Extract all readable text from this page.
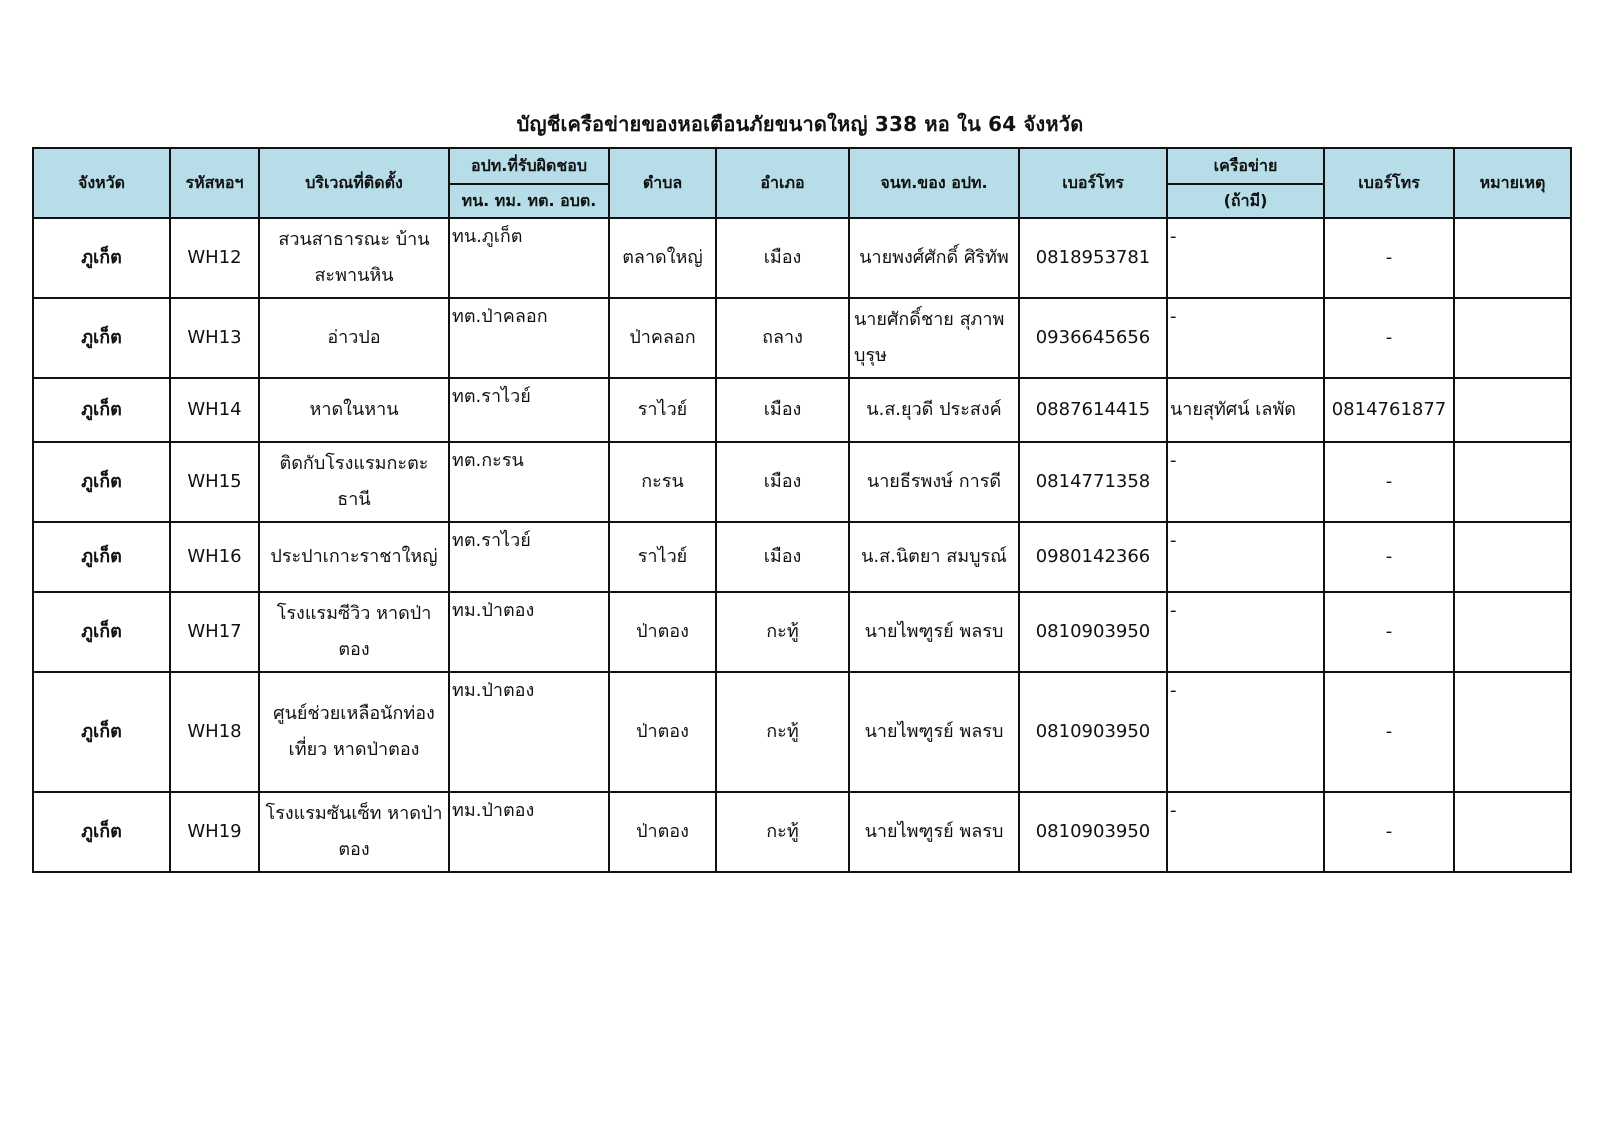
บัญชีเครือข่ายของหอเตือนภัยขนาดใหญ่ 338 หอ ใน 64 จังหวัด
จังหวัด	รหัสหอฯ	บริเวณที่ติดตั้ง	อปท.ที่รับผิดชอบ	ตำบล	อำเภอ	จนท.ของ อปท.	เบอร์โทร	เครือข่าย	เบอร์โทร	หมายเหตุ
			ทน. ทม. ทต. อบต.					(ถ้ามี)		
ภูเก็ต	WH12	สวนสาธารณะ บ้านสะพานหิน	ทน.ภูเก็ต	ตลาดใหญ่	เมือง	นายพงศ์ศักดิ์ ศิริทัพ	0818953781	-	-	
ภูเก็ต	WH13	อ่าวปอ	ทต.ป่าคลอก	ป่าคลอก	ถลาง	นายศักดิ์ชาย สุภาพบุรุษ	0936645656	-	-	
ภูเก็ต	WH14	หาดในหาน	ทต.ราไวย์	ราไวย์	เมือง	น.ส.ยุวดี ประสงค์	0887614415	นายสุทัศน์ เลพัด	0814761877	
ภูเก็ต	WH15	ติดกับโรงแรมกะตะธานี	ทต.กะรน	กะรน	เมือง	นายธีรพงษ์ การดี	0814771358	-	-	
ภูเก็ต	WH16	ประปาเกาะราชาใหญ่	ทต.ราไวย์	ราไวย์	เมือง	น.ส.นิตยา สมบูรณ์	0980142366	-	-	
ภูเก็ต	WH17	โรงแรมซีวิว หาดป่าตอง	ทม.ป่าตอง	ป่าตอง	กะทู้	นายไพฑูรย์ พลรบ	0810903950	-	-	
ภูเก็ต	WH18	ศูนย์ช่วยเหลือนักท่องเที่ยว หาดป่าตอง	ทม.ป่าตอง	ป่าตอง	กะทู้	นายไพฑูรย์ พลรบ	0810903950	-	-	
ภูเก็ต	WH19	โรงแรมซันเซ็ท หาดป่าตอง	ทม.ป่าตอง	ป่าตอง	กะทู้	นายไพฑูรย์ พลรบ	0810903950	-	-	
